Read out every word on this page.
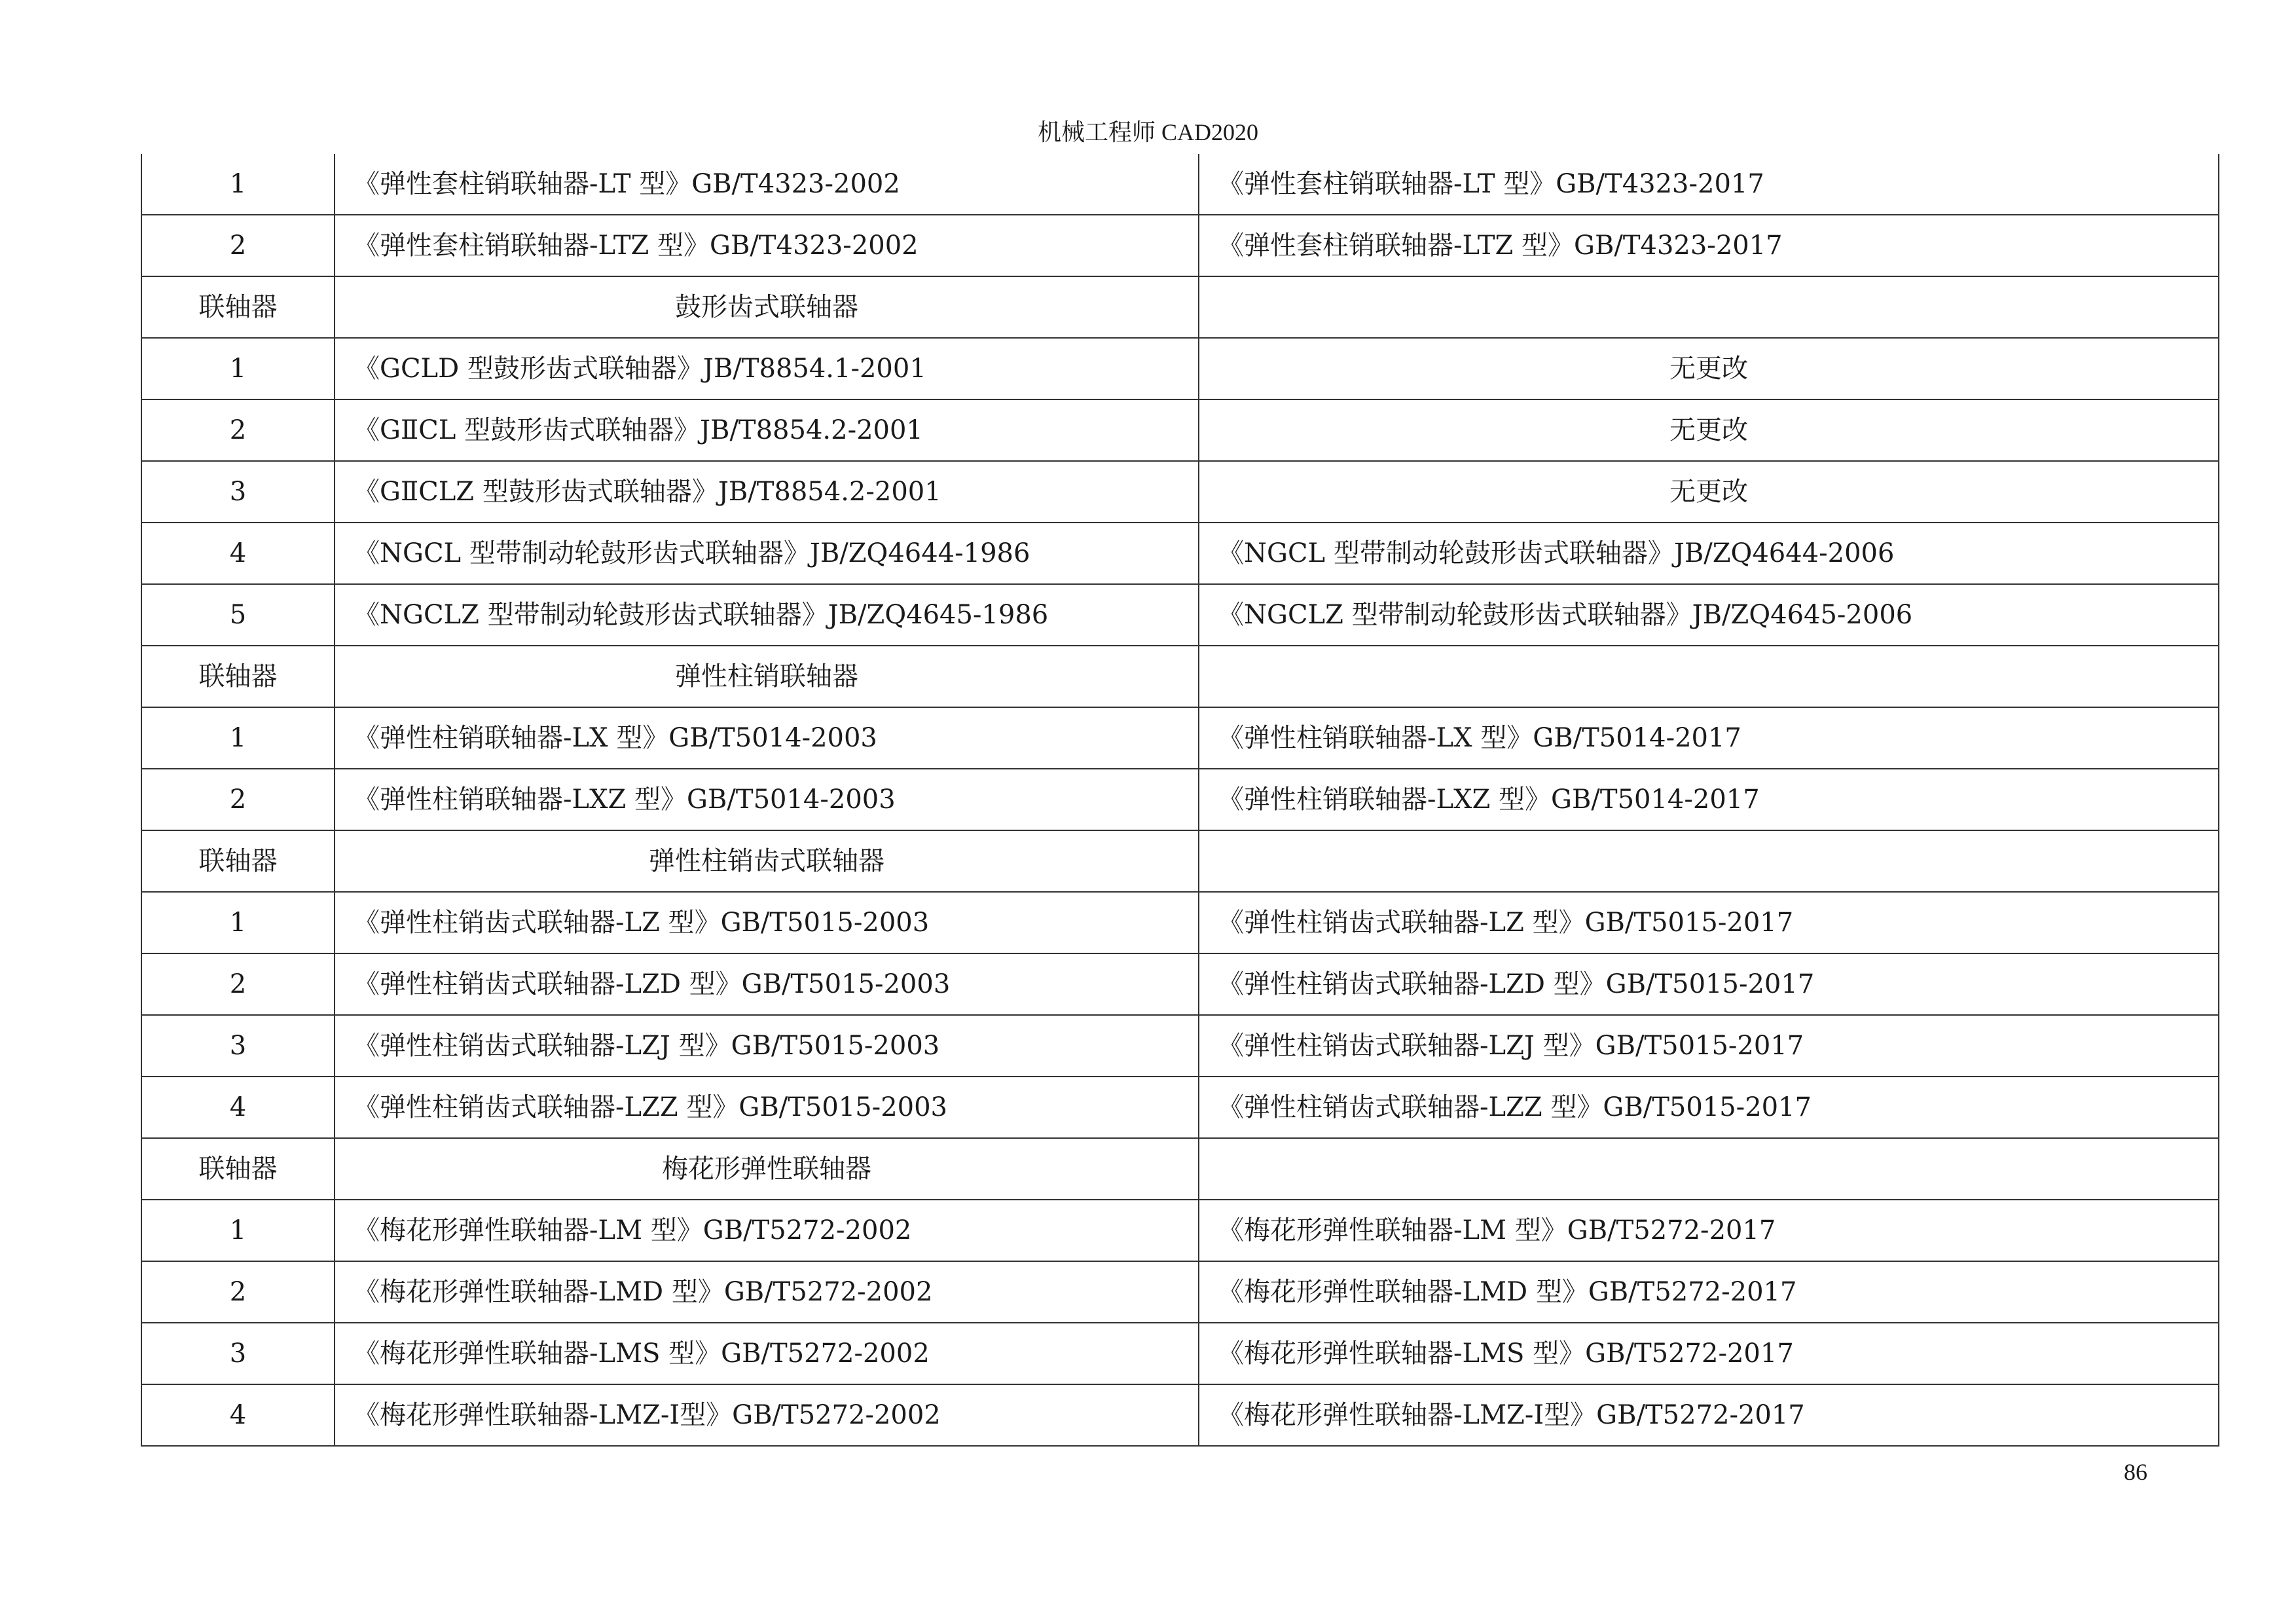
机械工程师 CAD2020
1	《弹性套柱销联轴器-LT 型》GB/T4323-2002	《弹性套柱销联轴器-LT 型》GB/T4323-2017
2	《弹性套柱销联轴器-LTZ 型》GB/T4323-2002	《弹性套柱销联轴器-LTZ 型》GB/T4323-2017
联轴器	鼓形齿式联轴器	
1	《GCLD 型鼓形齿式联轴器》JB/T8854.1-2001	无更改
2	《GⅡCL 型鼓形齿式联轴器》JB/T8854.2-2001	无更改
3	《GⅡCLZ 型鼓形齿式联轴器》JB/T8854.2-2001	无更改
4	《NGCL 型带制动轮鼓形齿式联轴器》JB/ZQ4644-1986	《NGCL 型带制动轮鼓形齿式联轴器》JB/ZQ4644-2006
5	《NGCLZ 型带制动轮鼓形齿式联轴器》JB/ZQ4645-1986	《NGCLZ 型带制动轮鼓形齿式联轴器》JB/ZQ4645-2006
联轴器	弹性柱销联轴器	
1	《弹性柱销联轴器-LX 型》GB/T5014-2003	《弹性柱销联轴器-LX 型》GB/T5014-2017
2	《弹性柱销联轴器-LXZ 型》GB/T5014-2003	《弹性柱销联轴器-LXZ 型》GB/T5014-2017
联轴器	弹性柱销齿式联轴器	
1	《弹性柱销齿式联轴器-LZ 型》GB/T5015-2003	《弹性柱销齿式联轴器-LZ 型》GB/T5015-2017
2	《弹性柱销齿式联轴器-LZD 型》GB/T5015-2003	《弹性柱销齿式联轴器-LZD 型》GB/T5015-2017
3	《弹性柱销齿式联轴器-LZJ 型》GB/T5015-2003	《弹性柱销齿式联轴器-LZJ 型》GB/T5015-2017
4	《弹性柱销齿式联轴器-LZZ 型》GB/T5015-2003	《弹性柱销齿式联轴器-LZZ 型》GB/T5015-2017
联轴器	梅花形弹性联轴器	
1	《梅花形弹性联轴器-LM 型》GB/T5272-2002	《梅花形弹性联轴器-LM 型》GB/T5272-2017
2	《梅花形弹性联轴器-LMD 型》GB/T5272-2002	《梅花形弹性联轴器-LMD 型》GB/T5272-2017
3	《梅花形弹性联轴器-LMS 型》GB/T5272-2002	《梅花形弹性联轴器-LMS 型》GB/T5272-2017
4	《梅花形弹性联轴器-LMZ-Ⅰ型》GB/T5272-2002	《梅花形弹性联轴器-LMZ-Ⅰ型》GB/T5272-2017
86
